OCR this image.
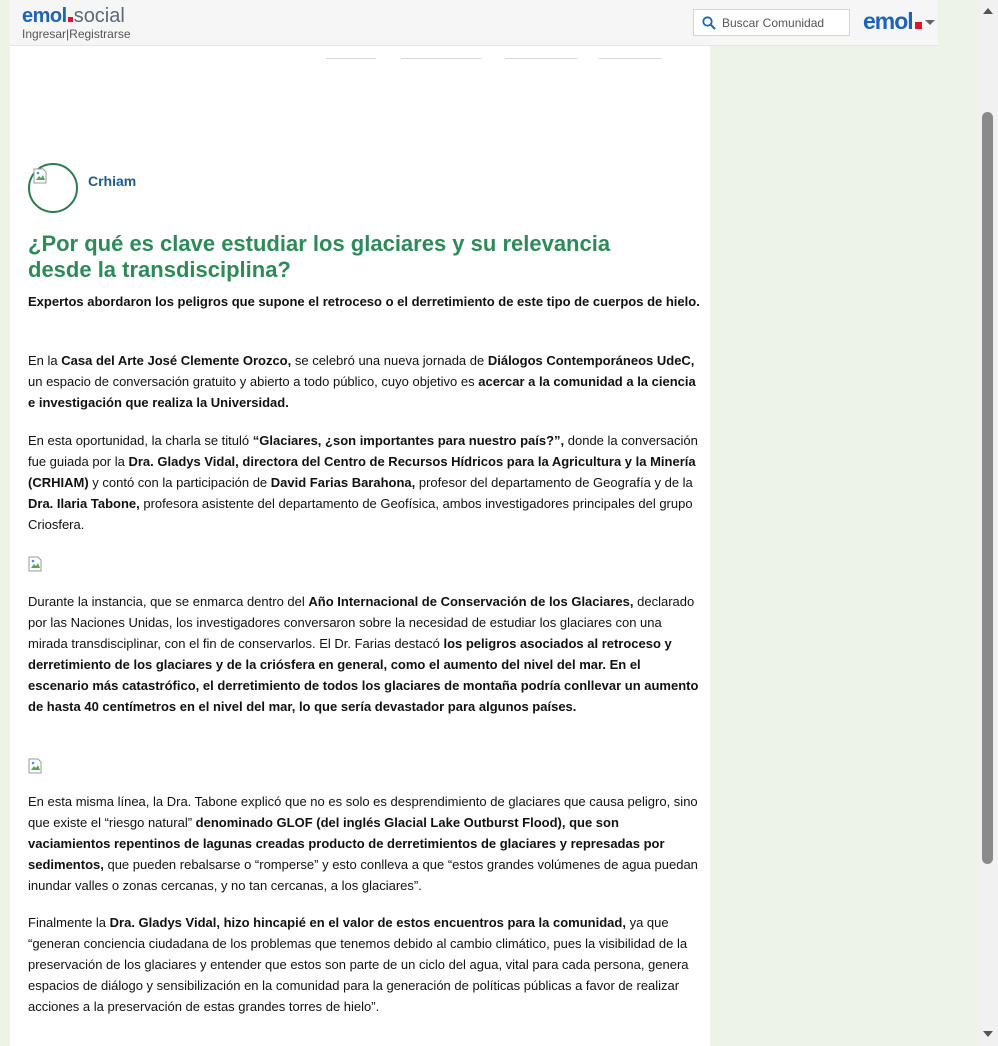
emol social
Ingresar|Registrarse
Buscar Comunidad	emol
Crhiam
¿Por qué es clave estudiar los glaciares y su relevancia desde la transdisciplina?

Expertos abordaron los peligros que supone el retroceso o el derretimiento de este tipo de cuerpos de hielo.

En la Casa del Arte José Clemente Orozco, se celebró una nueva jornada de Diálogos Contemporáneos UdeC, un espacio de conversación gratuito y abierto a todo público, cuyo objetivo es acercar a la comunidad a la ciencia e investigación que realiza la Universidad.

En esta oportunidad, la charla se tituló “Glaciares, ¿son importantes para nuestro país?”, donde la conversación fue guiada por la Dra. Gladys Vidal, directora del Centro de Recursos Hídricos para la Agricultura y la Minería (CRHIAM) y contó con la participación de David Farias Barahona, profesor del departamento de Geografía y de la Dra. Ilaria Tabone, profesora asistente del departamento de Geofísica, ambos investigadores principales del grupo Criosfera.

Durante la instancia, que se enmarca dentro del Año Internacional de Conservación de los Glaciares, declarado por las Naciones Unidas, los investigadores conversaron sobre la necesidad de estudiar los glaciares con una mirada transdisciplinar, con el fin de conservarlos. El Dr. Farias destacó los peligros asociados al retroceso y derretimiento de los glaciares y de la criósfera en general, como el aumento del nivel del mar. En el escenario más catastrófico, el derretimiento de todos los glaciares de montaña podría conllevar un aumento de hasta 40 centímetros en el nivel del mar, lo que sería devastador para algunos países.

En esta misma línea, la Dra. Tabone explicó que no es solo es desprendimiento de glaciares que causa peligro, sino que existe el “riesgo natural” denominado GLOF (del inglés Glacial Lake Outburst Flood), que son vaciamientos repentinos de lagunas creadas producto de derretimientos de glaciares y represadas por sedimentos, que pueden rebalsarse o “romperse” y esto conlleva a que “estos grandes volúmenes de agua puedan inundar valles o zonas cercanas, y no tan cercanas, a los glaciares”.

Finalmente la Dra. Gladys Vidal, hizo hincapié en el valor de estos encuentros para la comunidad, ya que “generan conciencia ciudadana de los problemas que tenemos debido al cambio climático, pues la visibilidad de la preservación de los glaciares y entender que estos son parte de un ciclo del agua, vital para cada persona, genera espacios de diálogo y sensibilización en la comunidad para la generación de políticas públicas a favor de realizar acciones a la preservación de estas grandes torres de hielo”.
